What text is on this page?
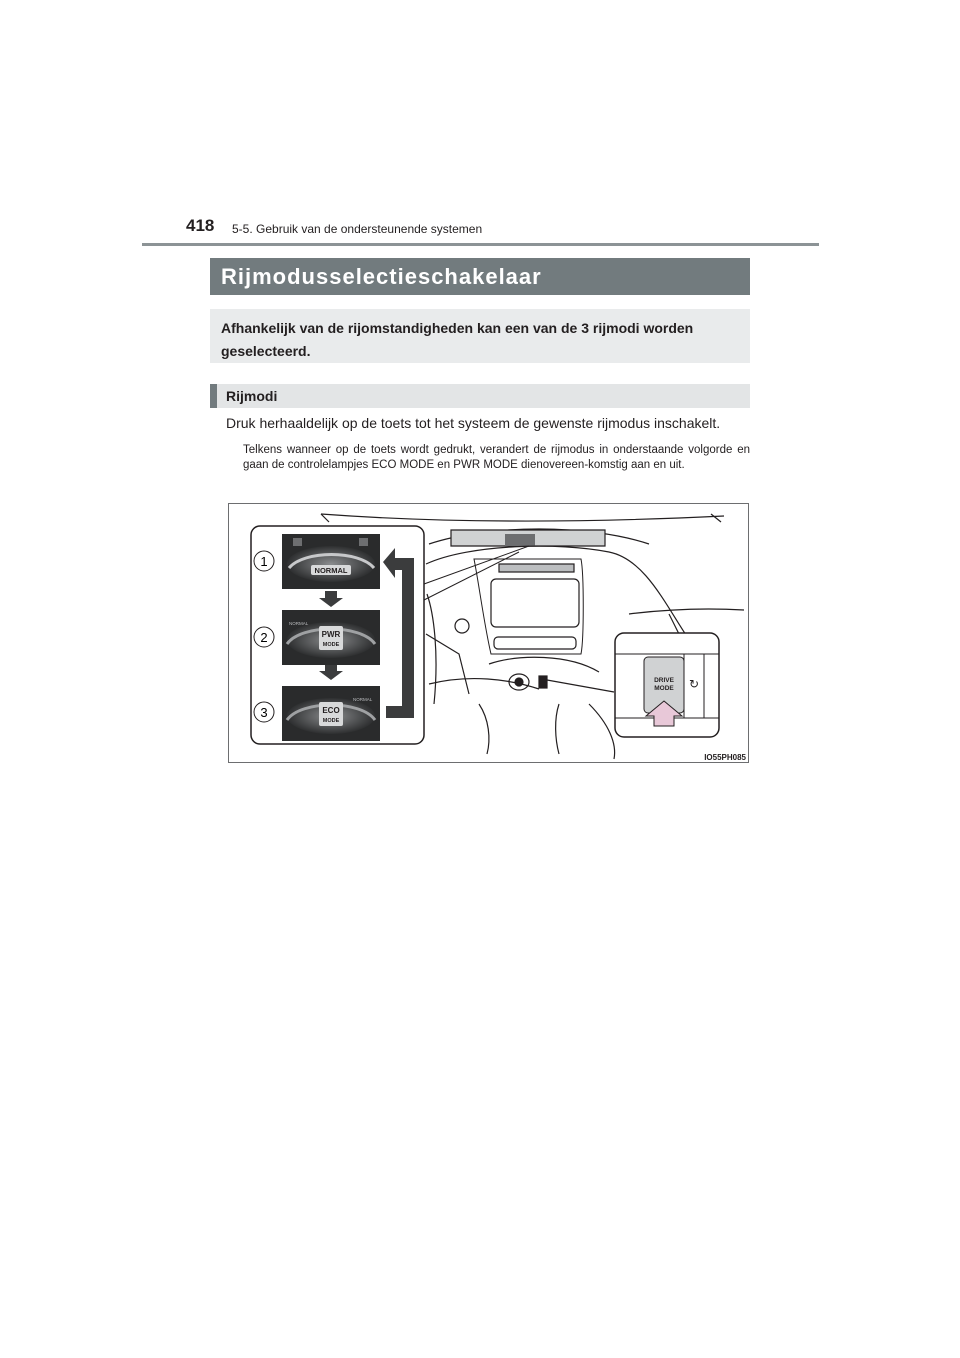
418 5-5. Gebruik van de ondersteunende systemen
Rijmodusselectieschakelaar
Afhankelijk van de rijomstandigheden kan een van de 3 rijmodi worden geselecteerd.
Rijmodi
Druk herhaaldelijk op de toets tot het systeem de gewenste rijmodus inschakelt.
Telkens wanneer op de toets wordt gedrukt, verandert de rijmodus in onderstaande volgorde en gaan de controlelampjes ECO MODE en PWR MODE dienovereen-komstig aan en uit.
1
2
3
NORMAL
PWR
MODE
NORMAL
ECO
MODE
NORMAL
DRIVE
MODE ↻
IO55PH085
